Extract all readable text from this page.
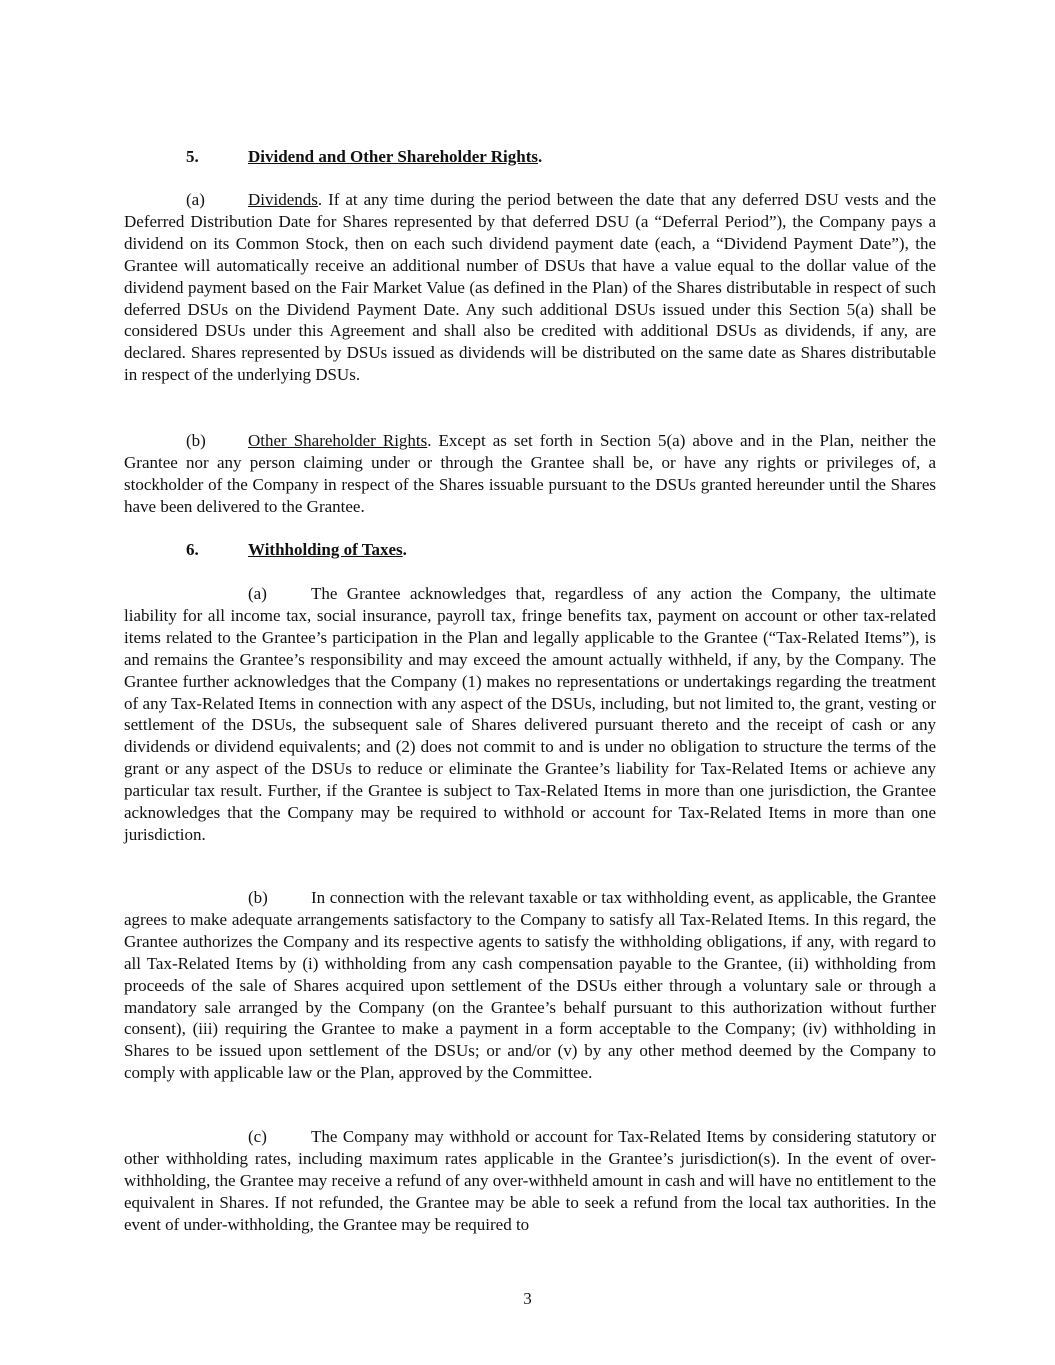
5.	Dividend and Other Shareholder Rights.

(a)	Dividends. If at any time during the period between the date that any deferred DSU vests and the Deferred Distribution Date for Shares represented by that deferred DSU (a “Deferral Period”), the Company pays a dividend on its Common Stock, then on each such dividend payment date (each, a “Dividend Payment Date”), the Grantee will automatically receive an additional number of DSUs that have a value equal to the dollar value of the dividend payment based on the Fair Market Value (as defined in the Plan) of the Shares distributable in respect of such deferred DSUs on the Dividend Payment Date. Any such additional DSUs issued under this Section 5(a) shall be considered DSUs under this Agreement and shall also be credited with additional DSUs as dividends, if any, are declared. Shares represented by DSUs issued as dividends will be distributed on the same date as Shares distributable in respect of the underlying DSUs.

(b) Other Shareholder Rights. Except as set forth in Section 5(a) above and in the Plan, neither the Grantee nor any person claiming under or through the Grantee shall be, or have any rights or privileges of, a stockholder of the Company in respect of the Shares issuable pursuant to the DSUs granted hereunder until the Shares have been delivered to the Grantee.

6.	Withholding of Taxes.

(a)	The Grantee acknowledges that, regardless of any action the Company, the ultimate liability for all income tax, social insurance, payroll tax, fringe benefits tax, payment on account or other tax-related items related to the Grantee’s participation in the Plan and legally applicable to the Grantee (“Tax-Related Items”), is and remains the Grantee’s responsibility and may exceed the amount actually withheld, if any, by the Company. The Grantee further acknowledges that the Company (1) makes no representations or undertakings regarding the treatment of any Tax-Related Items in connection with any aspect of the DSUs, including, but not limited to, the grant, vesting or settlement of the DSUs, the subsequent sale of Shares delivered pursuant thereto and the receipt of cash or any dividends or dividend equivalents; and (2) does not commit to and is under no obligation to structure the terms of the grant or any aspect of the DSUs to reduce or eliminate the Grantee’s liability for Tax-Related Items or achieve any particular tax result. Further, if the Grantee is subject to Tax-Related Items in more than one jurisdiction, the Grantee acknowledges that the Company may be required to withhold or account for Tax-Related Items in more than one jurisdiction.

(b)	In connection with the relevant taxable or tax withholding event, as applicable, the Grantee agrees to make adequate arrangements satisfactory to the Company to satisfy all Tax-Related Items. In this regard, the Grantee authorizes the Company and its respective agents to satisfy the withholding obligations, if any, with regard to all Tax-Related Items by (i) withholding from any cash compensation payable to the Grantee, (ii) withholding from proceeds of the sale of Shares acquired upon settlement of the DSUs either through a voluntary sale or through a mandatory sale arranged by the Company (on the Grantee’s behalf pursuant to this authorization without further consent), (iii) requiring the Grantee to make a payment in a form acceptable to the Company; (iv) withholding in Shares to be issued upon settlement of the DSUs; or and/or (v) by any other method deemed by the Company to comply with applicable law or the Plan, approved by the Committee.

(c)	The Company may withhold or account for Tax-Related Items by considering statutory or other withholding rates, including maximum rates applicable in the Grantee’s jurisdiction(s). In the event of over-withholding, the Grantee may receive a refund of any over-withheld amount in cash and will have no entitlement to the equivalent in Shares. If not refunded, the Grantee may be able to seek a refund from the local tax authorities. In the event of under-withholding, the Grantee may be required to

3
